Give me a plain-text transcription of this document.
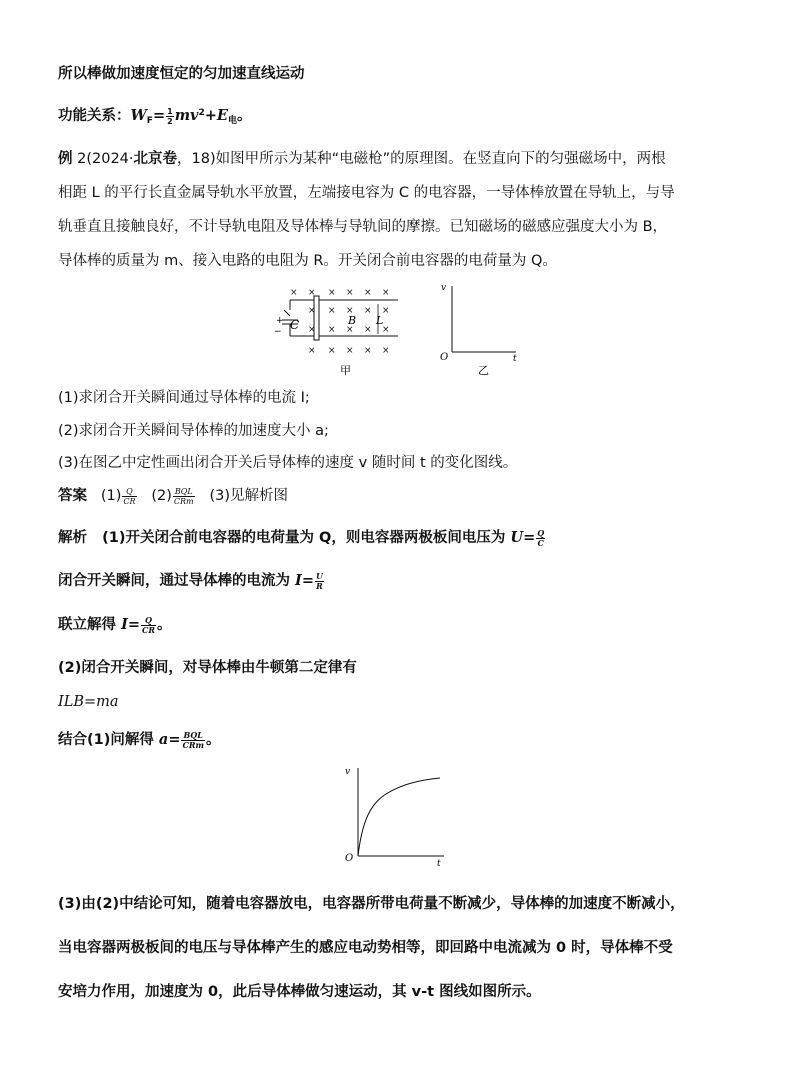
所以棒做加速度恒定的匀加速直线运动
功能关系：$W_F= \frac{1}{2} mv^2+E_电$。
例 2(2024·北京卷，18)如图甲所示为某种“电磁枪”的原理图。在竖直向下的匀强磁场中，两根
相距 L 的平行长直金属导轨水平放置，左端接电容为 C 的电容器，一导体棒放置在导轨上，与导
轨垂直且接触良好，不计导轨电阻及导体棒与导轨间的摩擦。已知磁场的磁感应强度大小为 B，
导体棒的质量为 m、接入电路的电阻为 R。开关闭合前电容器的电荷量为 Q。
+
− C
× × × × × ×
× × × × ×
× × × × ×
× × × × ×
B L
甲
v
t
O
乙
(1)求闭合开关瞬间通过导体棒的电流 I;
(2)求闭合开关瞬间导体棒的加速度大小 a;
(3)在图乙中定性画出闭合开关后导体棒的速度 v 随时间 t 的变化图线。
答案 $(1) \frac{Q}{CR} (2) \frac{\text{BQL}}{\text{CRm}} (3)$见解析图
解析 (1)开关闭合前电容器的电荷量为 Q，则电容器两极板间电压为 $U= \frac{Q}{C}$
闭合开关瞬间，通过导体棒的电流为 $I= \frac{U}{R}$
联立解得 $I= \frac{Q}{CR}$ 。
(2)闭合开关瞬间，对导体棒由牛顿第二定律有
ILB=ma
结合(1)问解得 $a= \frac{\text{BQL}}{\text{CRm}}$ 。
v
t
O
(3)由(2)中结论可知，随着电容器放电，电容器所带电荷量不断减少，导体棒的加速度不断减小，
当电容器两极板间的电压与导体棒产生的感应电动势相等，即回路中电流减为 0 时，导体棒不受
安培力作用，加速度为 0，此后导体棒做匀速运动，其 v-t 图线如图所示。
